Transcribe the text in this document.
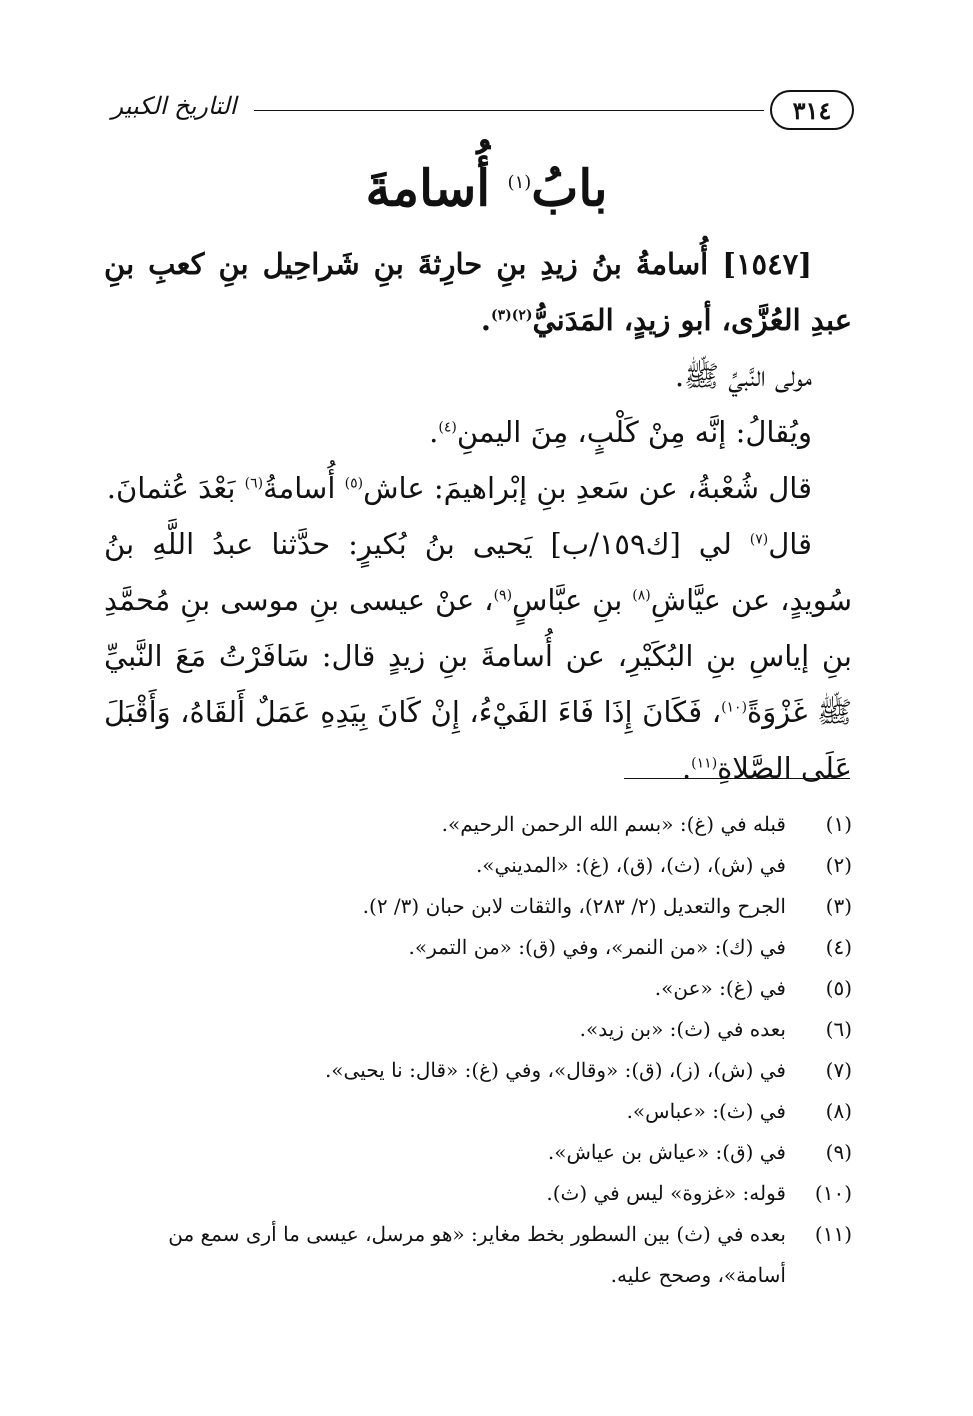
٣١٤
التاريخ الكبير
بابُ$^{(١)}$ أُسامةَ

[١٥٤٧] أُسامةُ بنُ زيدِ بنِ حارِثةَ بنِ شَراحِيل بنِ كعبِ بنِ عبدِ العُزَّى، أبو زيدٍ، المَدَنيُّ$^{(٢)(٣)}$.

مولى النَّبيِّ ﷺ.

ويُقالُ: إنَّه مِنْ كَلْبٍ، مِنَ اليمنِ$^{(٤)}$.

قال شُعْبةُ، عن سَعدِ بنِ إبْراهيمَ: عاش$^{(٥)}$ أُسامةُ$^{(٦)}$ بَعْدَ عُثمانَ.

قال$^{(٧)}$ لي [ك١٥٩/ب] يَحيى بنُ بُكيرٍ: حدَّثنا عبدُ اللَّهِ بنُ سُويدٍ، عن عيَّاشِ$^{(٨)}$ بنِ عبَّاسٍ$^{(٩)}$، عنْ عيسى بنِ موسى بنِ مُحمَّدِ بنِ إياسِ بنِ البُكَيْرِ، عن أُسامةَ بنِ زيدٍ قال: سَافَرْتُ مَعَ النَّبيِّ ﷺ غَزْوَةً$^{(١٠)}$، فَكَانَ إِذَا فَاءَ الفَيْءُ، إِنْ كَانَ بِيَدِهِ عَمَلٌ أَلقَاهُ، وَأَقْبَلَ عَلَى الصَّلاةِ$^{(١١)}$.

(١)
قبله في (غ): «بسم الله الرحمن الرحيم».
(٢)
في (ش)، (ث)، (ق)، (غ): «المديني».
(٣)
الجرح والتعديل (٢/ ٢٨٣)، والثقات لابن حبان (٣/ ٢).
(٤)
في (ك): «من النمر»، وفي (ق): «من التمر».
(٥)
في (غ): «عن».
(٦)
بعده في (ث): «بن زيد».
(٧)
في (ش)، (ز)، (ق): «وقال»، وفي (غ): «قال: نا يحيى».
(٨)
في (ث): «عباس».
(٩)
في (ق): «عياش بن عياش».
(١٠)
قوله: «غزوة» ليس في (ث).
(١١)
بعده في (ث) بين السطور بخط مغاير: «هو مرسل، عيسى ما أرى سمع من أسامة»، وصحح عليه.
